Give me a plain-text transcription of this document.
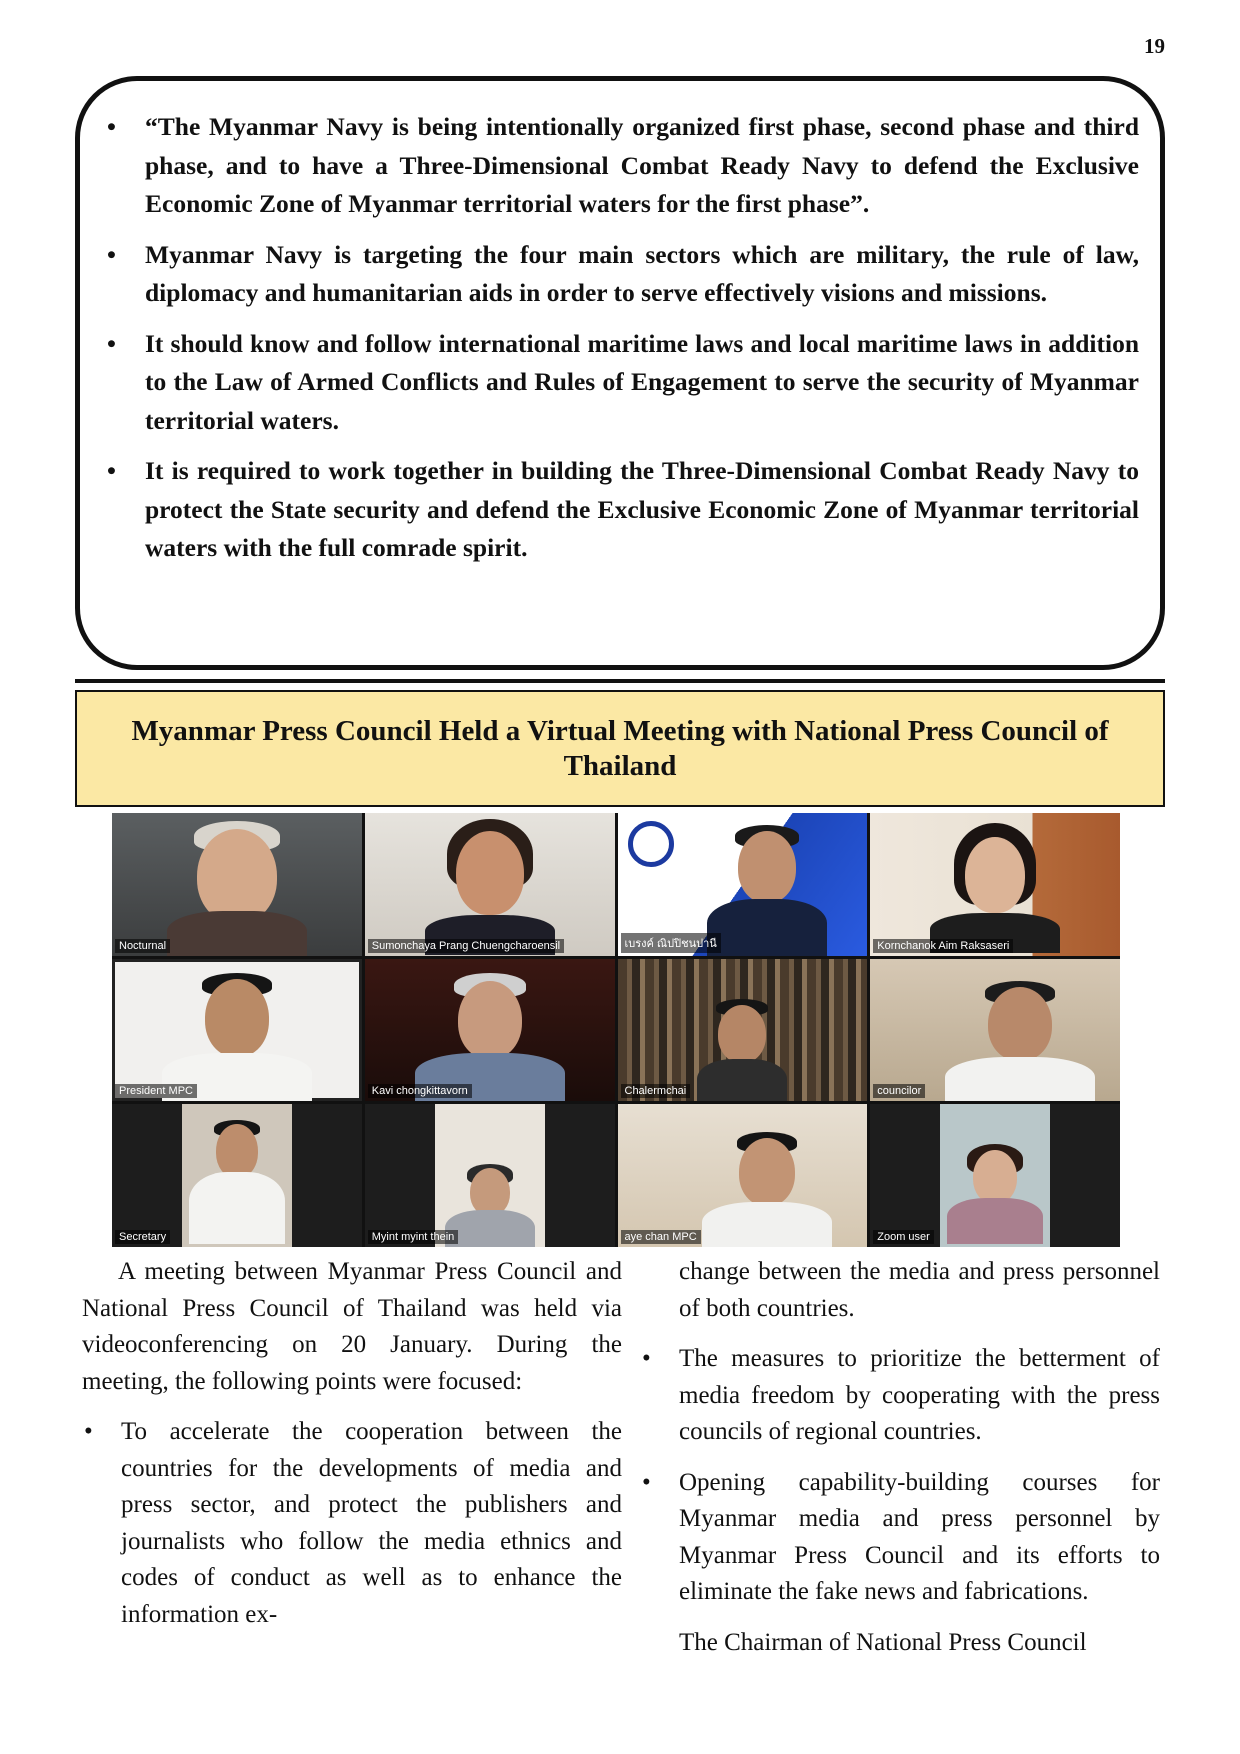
19
• “The Myanmar Navy is being intentionally organized first phase, second phase and third phase, and to have a Three-Dimensional Combat Ready Navy to defend the Exclusive Economic Zone of Myanmar territorial waters for the first phase”.
• Myanmar Navy is targeting the four main sectors which are military, the rule of law, diplomacy and humanitarian aids in order to serve effectively visions and missions.
• It should know and follow international maritime laws and local maritime laws in addition to the Law of Armed Conflicts and Rules of Engagement to serve the security of Myanmar territorial waters.
• It is required to work together in building the Three-Dimensional Combat Ready Navy to protect the State security and defend the Exclusive Economic Zone of Myanmar territorial waters with the full comrade spirit.
Myanmar Press Council Held a Virtual Meeting with National Press Council of Thailand
Nocturnal	Sumonchaya Prang Chuengcharoensil	เบรงค์ ณิปปิชนปานี	Kornchanok Aim Raksaseri
President MPC	Kavi chongkittavorn	Chalermchai	councilor
Secretary	Myint myint thein	aye chan MPC	Zoom user

A meeting between Myanmar Press Council and National Press Council of Thailand was held via videoconferencing on 20 January. During the meeting, the following points were focused:

• To accelerate the cooperation between the countries for the developments of media and press sector, and protect the publishers and journalists who follow the media ethnics and codes of conduct as well as to enhance the information ex-

change between the media and press personnel of both countries.

• The measures to prioritize the betterment of media freedom by cooperating with the press councils of regional countries.
• Opening capability-building courses for Myanmar media and press personnel by Myanmar Press Council and its efforts to eliminate the fake news and fabrications.

The Chairman of National Press Council
